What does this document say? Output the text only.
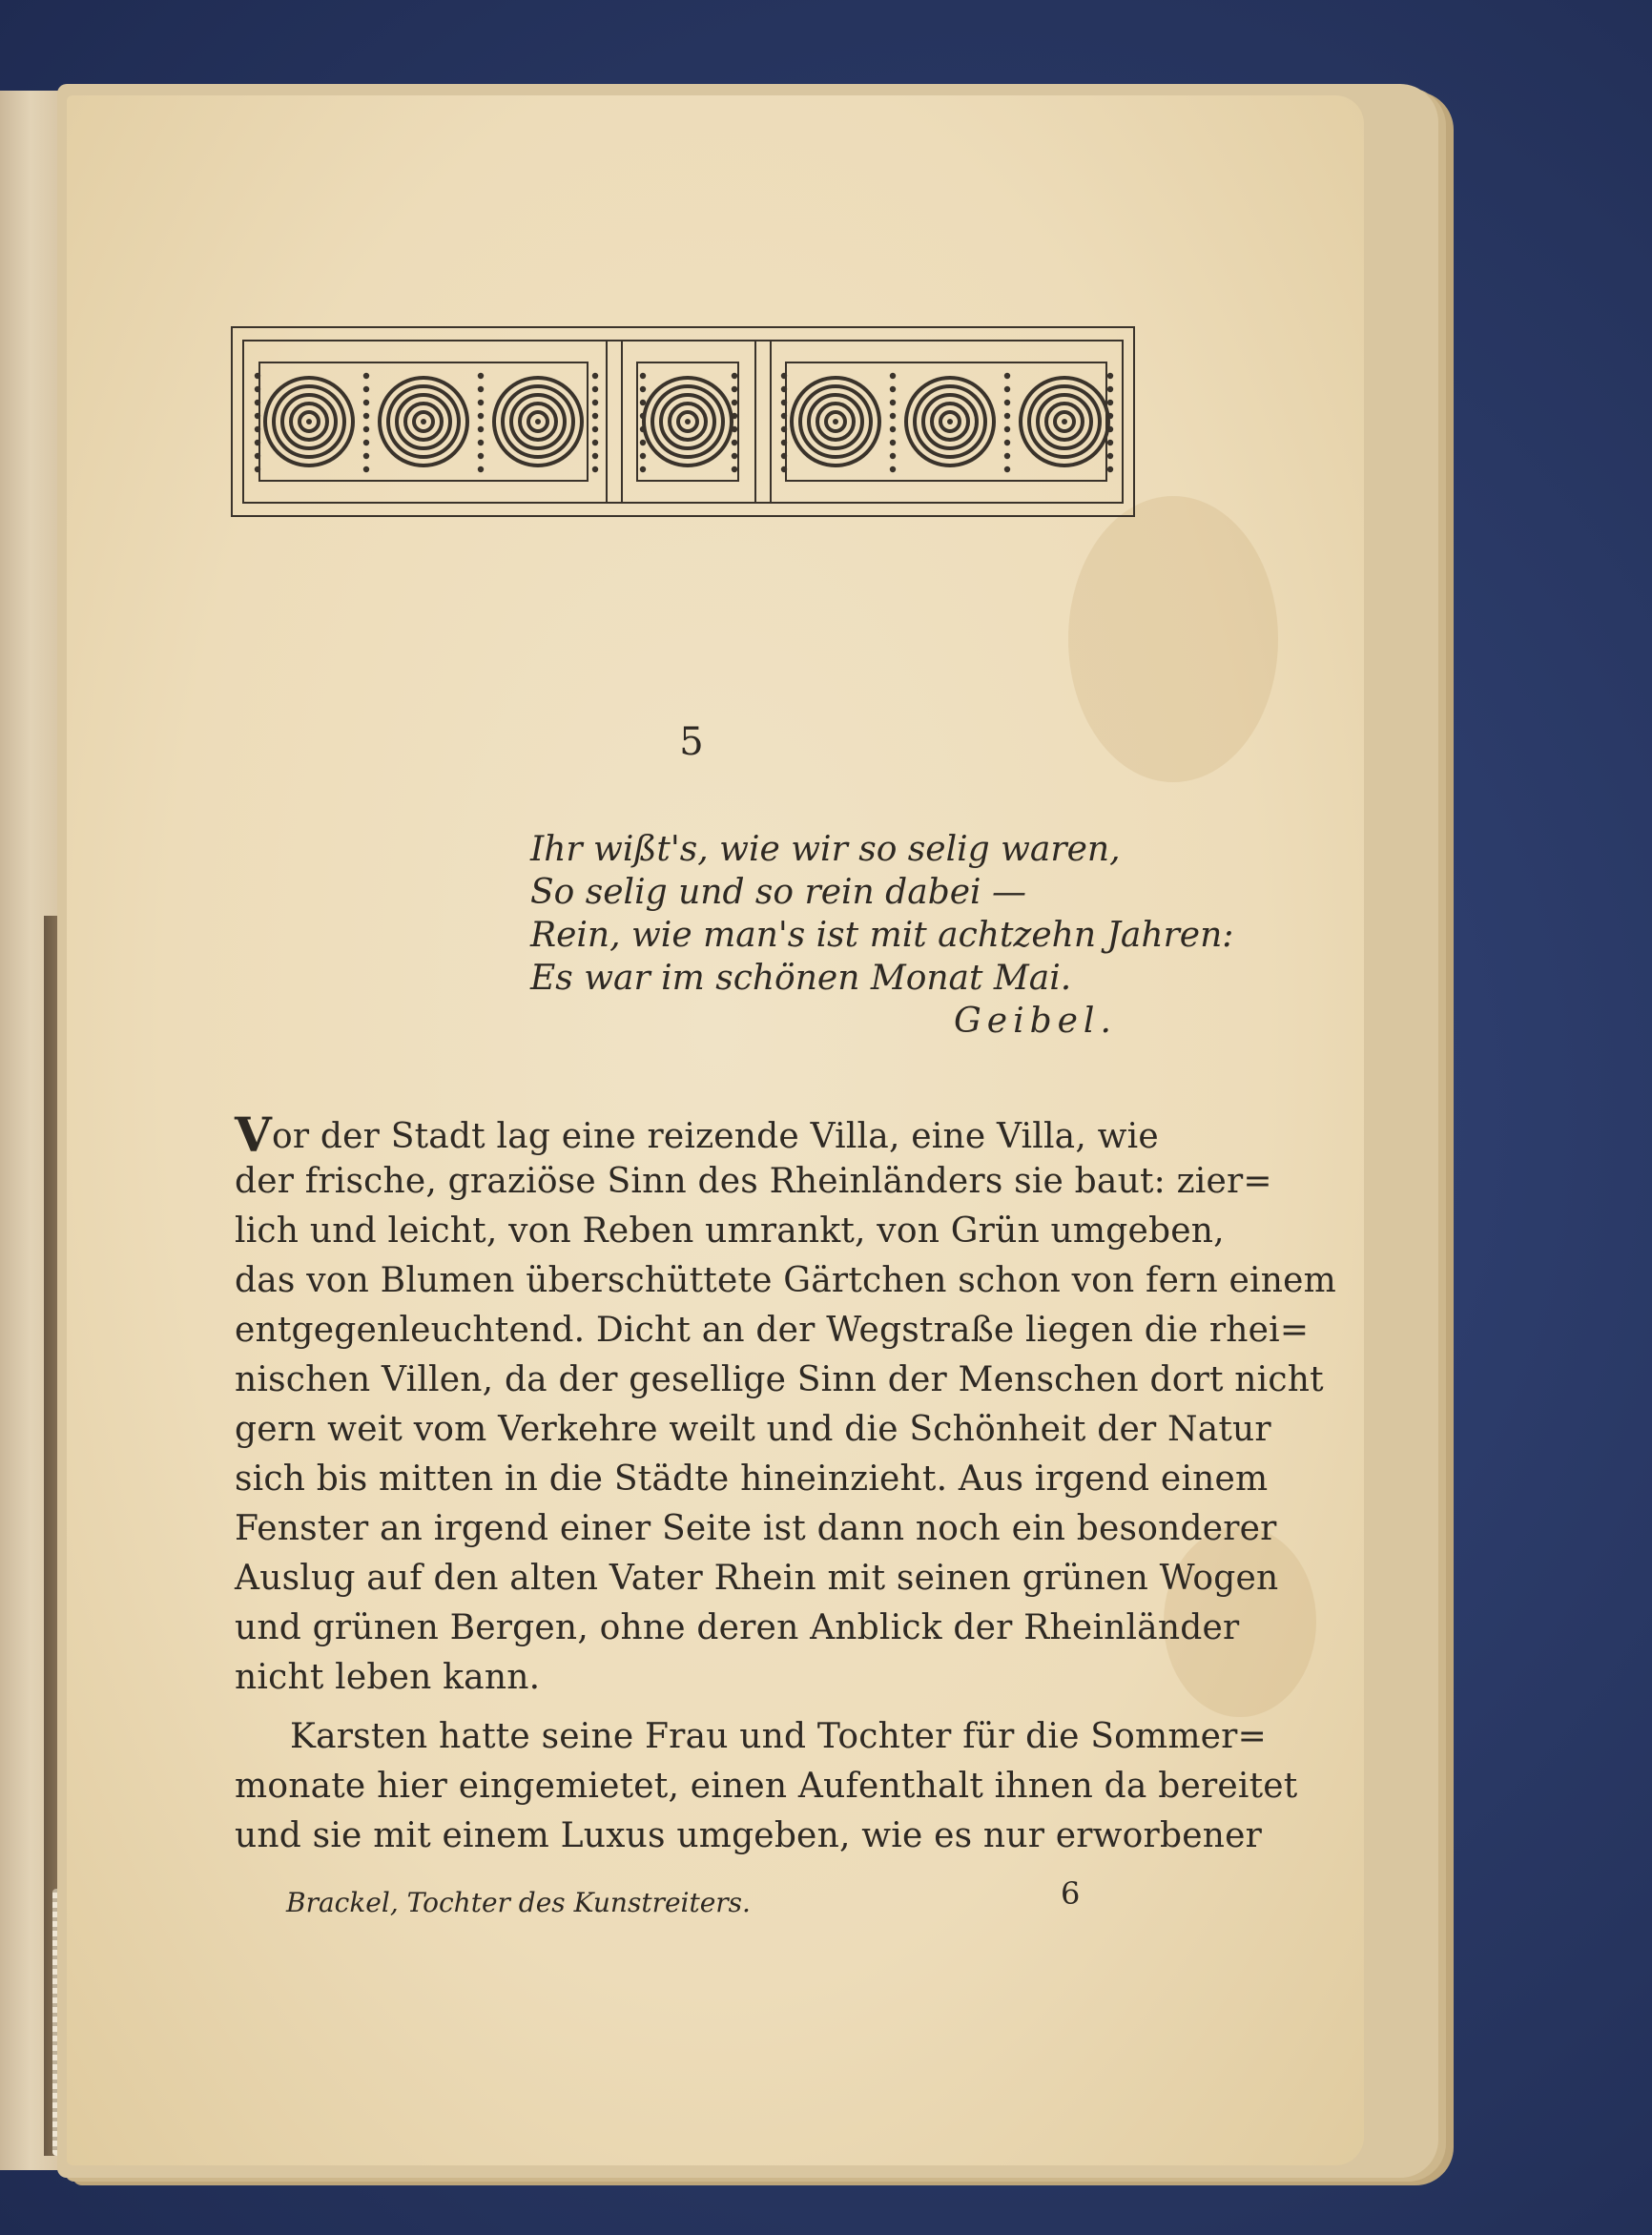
5
Ihr wißt's, wie wir so selig waren,
So selig und so rein dabei —
Rein, wie man's ist mit achtzehn Jahren:
Es war im schönen Monat Mai.
Geibel.
Vor der Stadt lag eine reizende Villa, eine Villa, wie
der frische, graziöse Sinn des Rheinländers sie baut: zier=
lich und leicht, von Reben umrankt, von Grün umgeben,
das von Blumen überschüttete Gärtchen schon von fern einem
entgegenleuchtend. Dicht an der Wegstraße liegen die rhei=
nischen Villen, da der gesellige Sinn der Menschen dort nicht
gern weit vom Verkehre weilt und die Schönheit der Natur
sich bis mitten in die Städte hineinzieht. Aus irgend einem
Fenster an irgend einer Seite ist dann noch ein besonderer
Auslug auf den alten Vater Rhein mit seinen grünen Wogen
und grünen Bergen, ohne deren Anblick der Rheinländer
nicht leben kann.
Karsten hatte seine Frau und Tochter für die Sommer=
monate hier eingemietet, einen Aufenthalt ihnen da bereitet
und sie mit einem Luxus umgeben, wie es nur erworbener
Brackel, Tochter des Kunstreiters.	6
